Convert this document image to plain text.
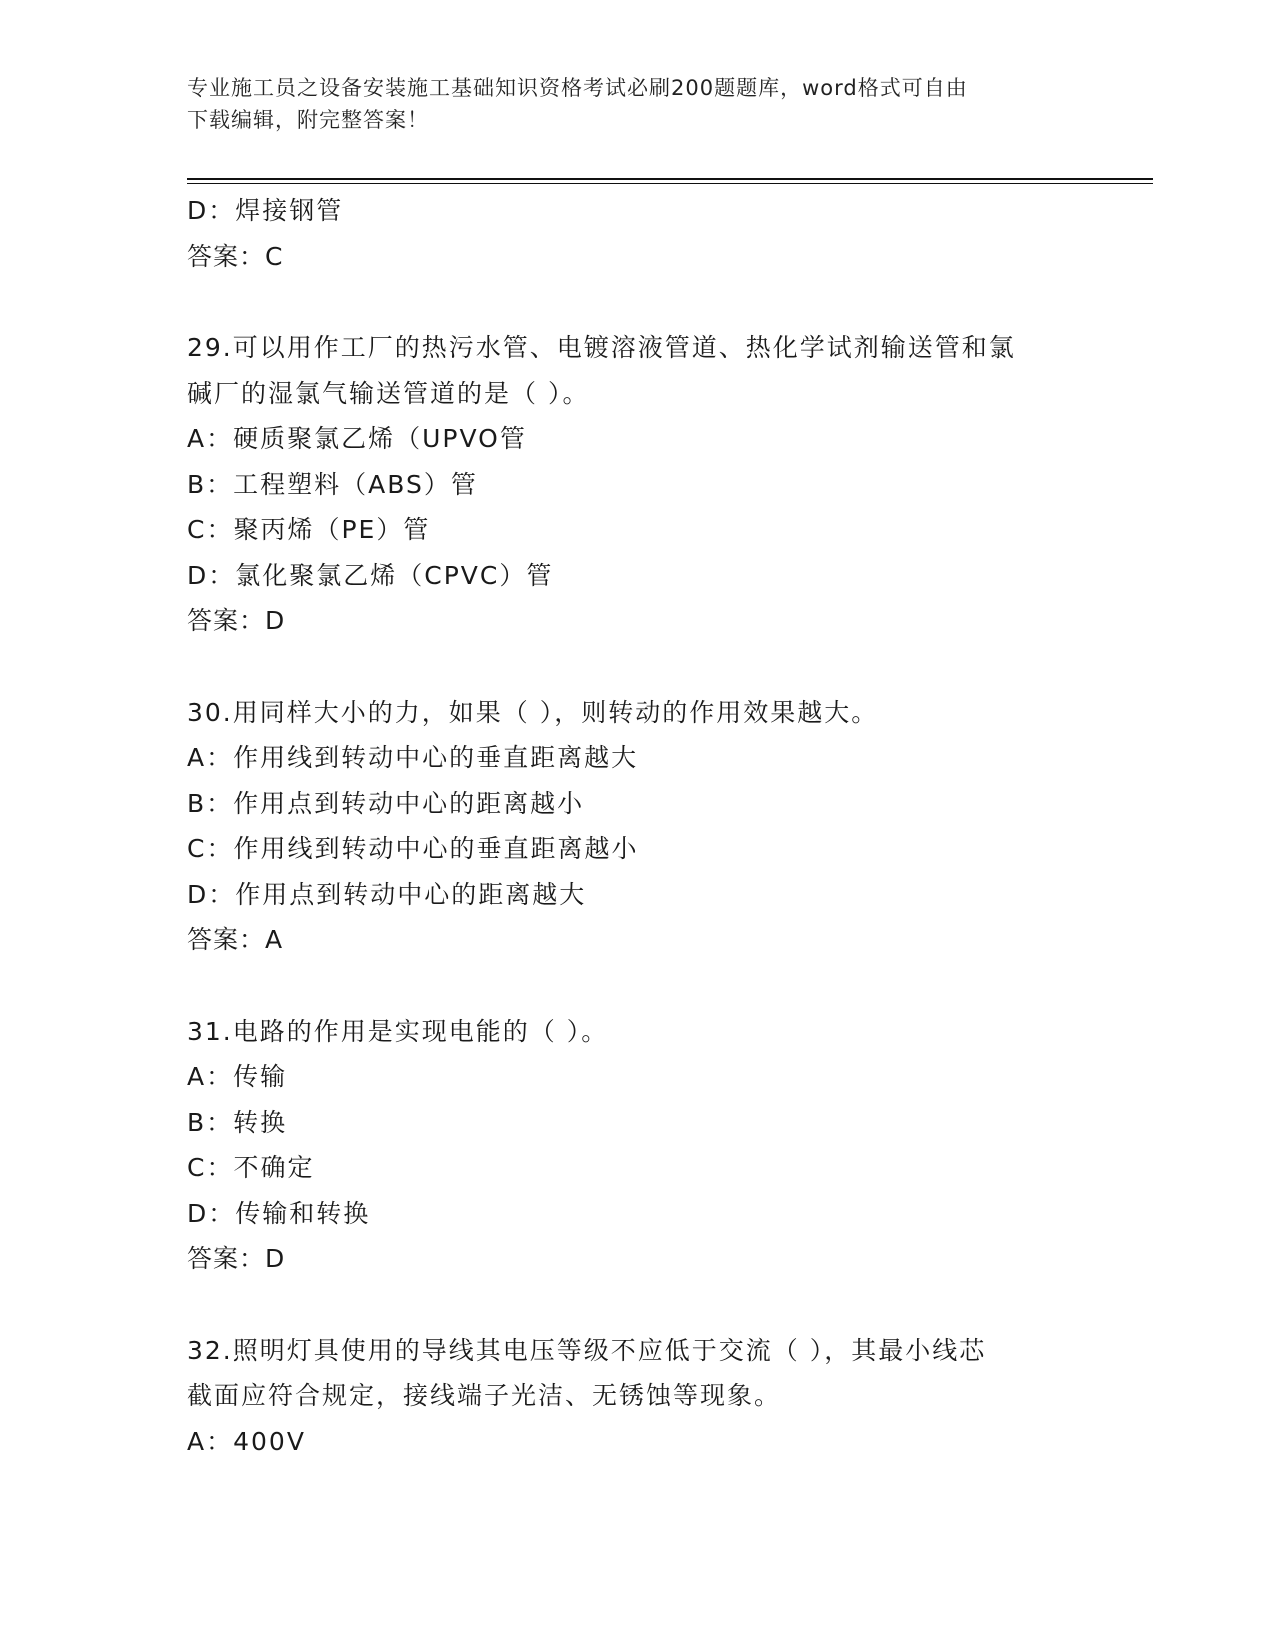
专业施工员之设备安装施工基础知识资格考试必刷200题题库，word格式可自由
下载编辑，附完整答案！
D：焊接钢管
答案：C
29.可以用作工厂的热污水管、电镀溶液管道、热化学试剂输送管和氯
碱厂的湿氯气输送管道的是（ ）。
A：硬质聚氯乙烯（UPVO管
B：工程塑料（ABS）管
C：聚丙烯（PE）管
D：氯化聚氯乙烯（CPVC）管
答案：D
30.用同样大小的力，如果（ ），则转动的作用效果越大。
A：作用线到转动中心的垂直距离越大
B：作用点到转动中心的距离越小
C：作用线到转动中心的垂直距离越小
D：作用点到转动中心的距离越大
答案：A
31.电路的作用是实现电能的（ ）。
A：传输
B：转换
C：不确定
D：传输和转换
答案：D
32.照明灯具使用的导线其电压等级不应低于交流（ ），其最小线芯
截面应符合规定，接线端子光洁、无锈蚀等现象。
A：400V
